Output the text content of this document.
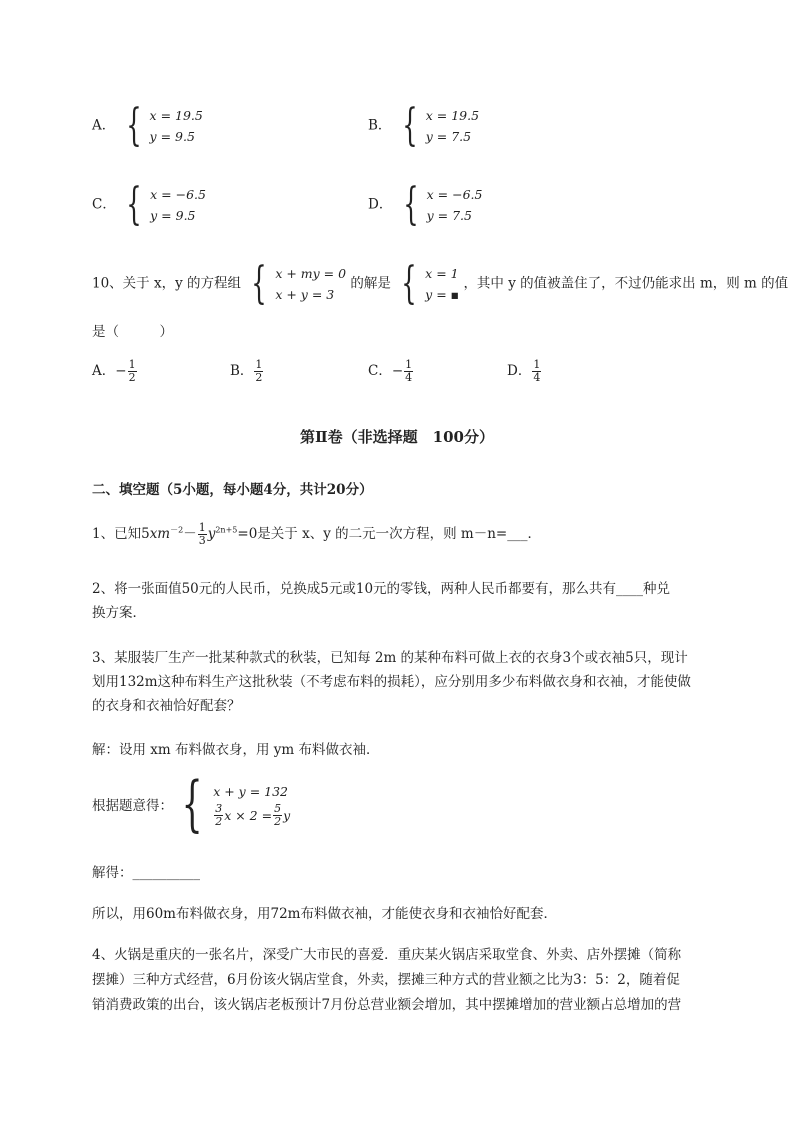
A． { x = 19.5
y = 9.5
B． { x = 19.5
y = 7.5
C． { x = −6.5
y = 9.5
D． { x = −6.5
y = 7.5
10、关于 x，y 的方程组 { x + my = 0
x + y = 3
的解是 { x = 1
y = ▪
，其中 y 的值被盖住了，不过仍能求出 m，则 m 的值
是（　　　）
A．− $\frac{1}{2}$	B． $\frac{1}{2}$	C．− $\frac{1}{4}$	D． $\frac{1}{4}$
第Ⅱ卷（非选择题　100分）
二、填空题（5小题，每小题4分，共计20分）
1、已知$5xm^{-2}- \frac{1}{3} y^{2n+5}=0$是关于 x、y 的二元一次方程，则 m－n=___．
2、将一张面值50元的人民币，兑换成5元或10元的零钱，两种人民币都要有，那么共有____种兑
换方案．
3、某服装厂生产一批某种款式的秋装，已知每 2m 的某种布料可做上衣的衣身3个或衣袖5只，现计
划用132m这种布料生产这批秋装（不考虑布料的损耗），应分别用多少布料做衣身和衣袖，才能使做
的衣身和衣袖恰好配套？
解：设用 xm 布料做衣身，用 ym 布料做衣袖．
根据题意得： { x + y = 132
$\frac{3}{2}$ $x \times 2 = \frac{5}{2}$ y
解得：__________
所以，用60m布料做衣身，用72m布料做衣袖，才能使衣身和衣袖恰好配套．
4、火锅是重庆的一张名片，深受广大市民的喜爱．重庆某火锅店采取堂食、外卖、店外摆摊（简称
摆摊）三种方式经营，6月份该火锅店堂食，外卖，摆摊三种方式的营业额之比为3：5：2，随着促
销消费政策的出台，该火锅店老板预计7月份总营业额会增加，其中摆摊增加的营业额占总增加的营
